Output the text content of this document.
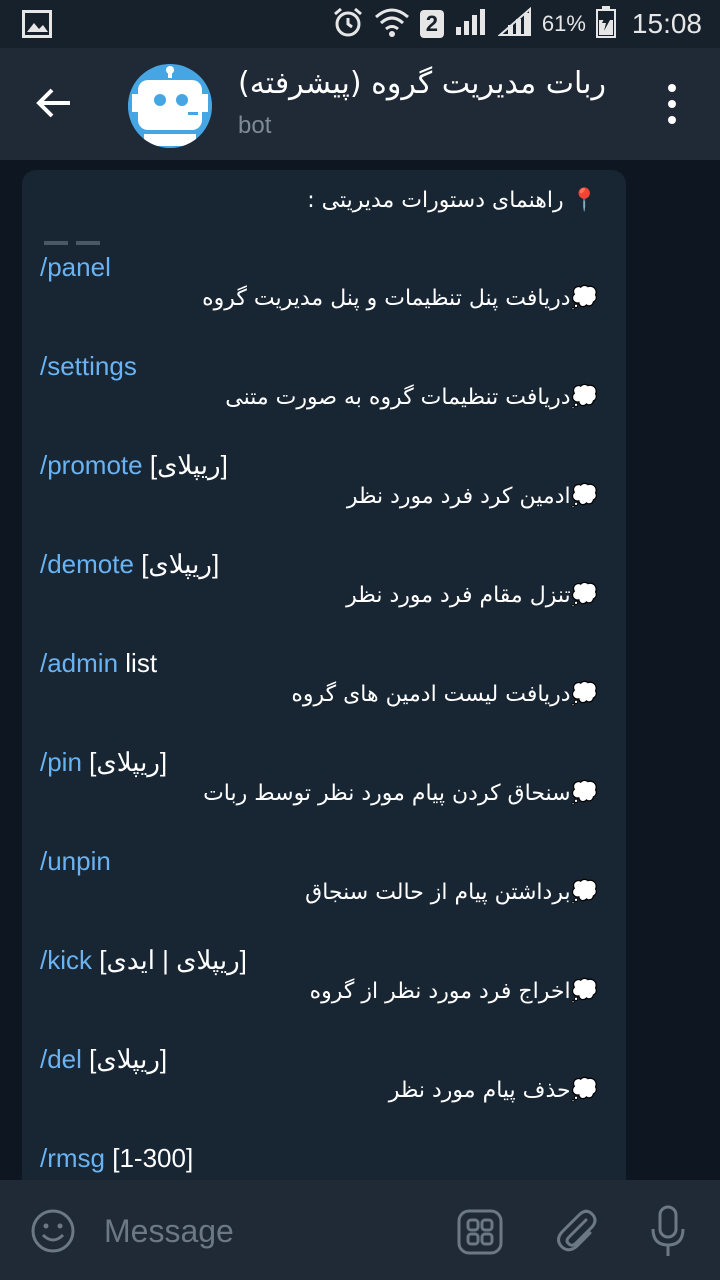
2	61% 15:08
ربات مدیریت گروه (پیشرفته)
bot
📍 راهنمای دستورات مدیریتی :
/panel
💭دریافت پنل تنظیمات و پنل مدیریت گروه
/settings
💭دریافت تنظیمات گروه به صورت متنی
/promote [ریپلای]
💭ادمین کرد فرد مورد نظر
/demote [ریپلای]
💭تنزل مقام فرد مورد نظر
/admin list
💭دریافت لیست ادمین های گروه
/pin [ریپلای]
💭سنحاق کردن پیام مورد نظر توسط ربات
/unpin
💭برداشتن پیام از حالت سنجاق
/kick [ریپلای | ایدی]
💭اخراج فرد مورد نظر از گروه
/del [ریپلای]
💭حذف پیام مورد نظر
/rmsg [1-300]
Message
